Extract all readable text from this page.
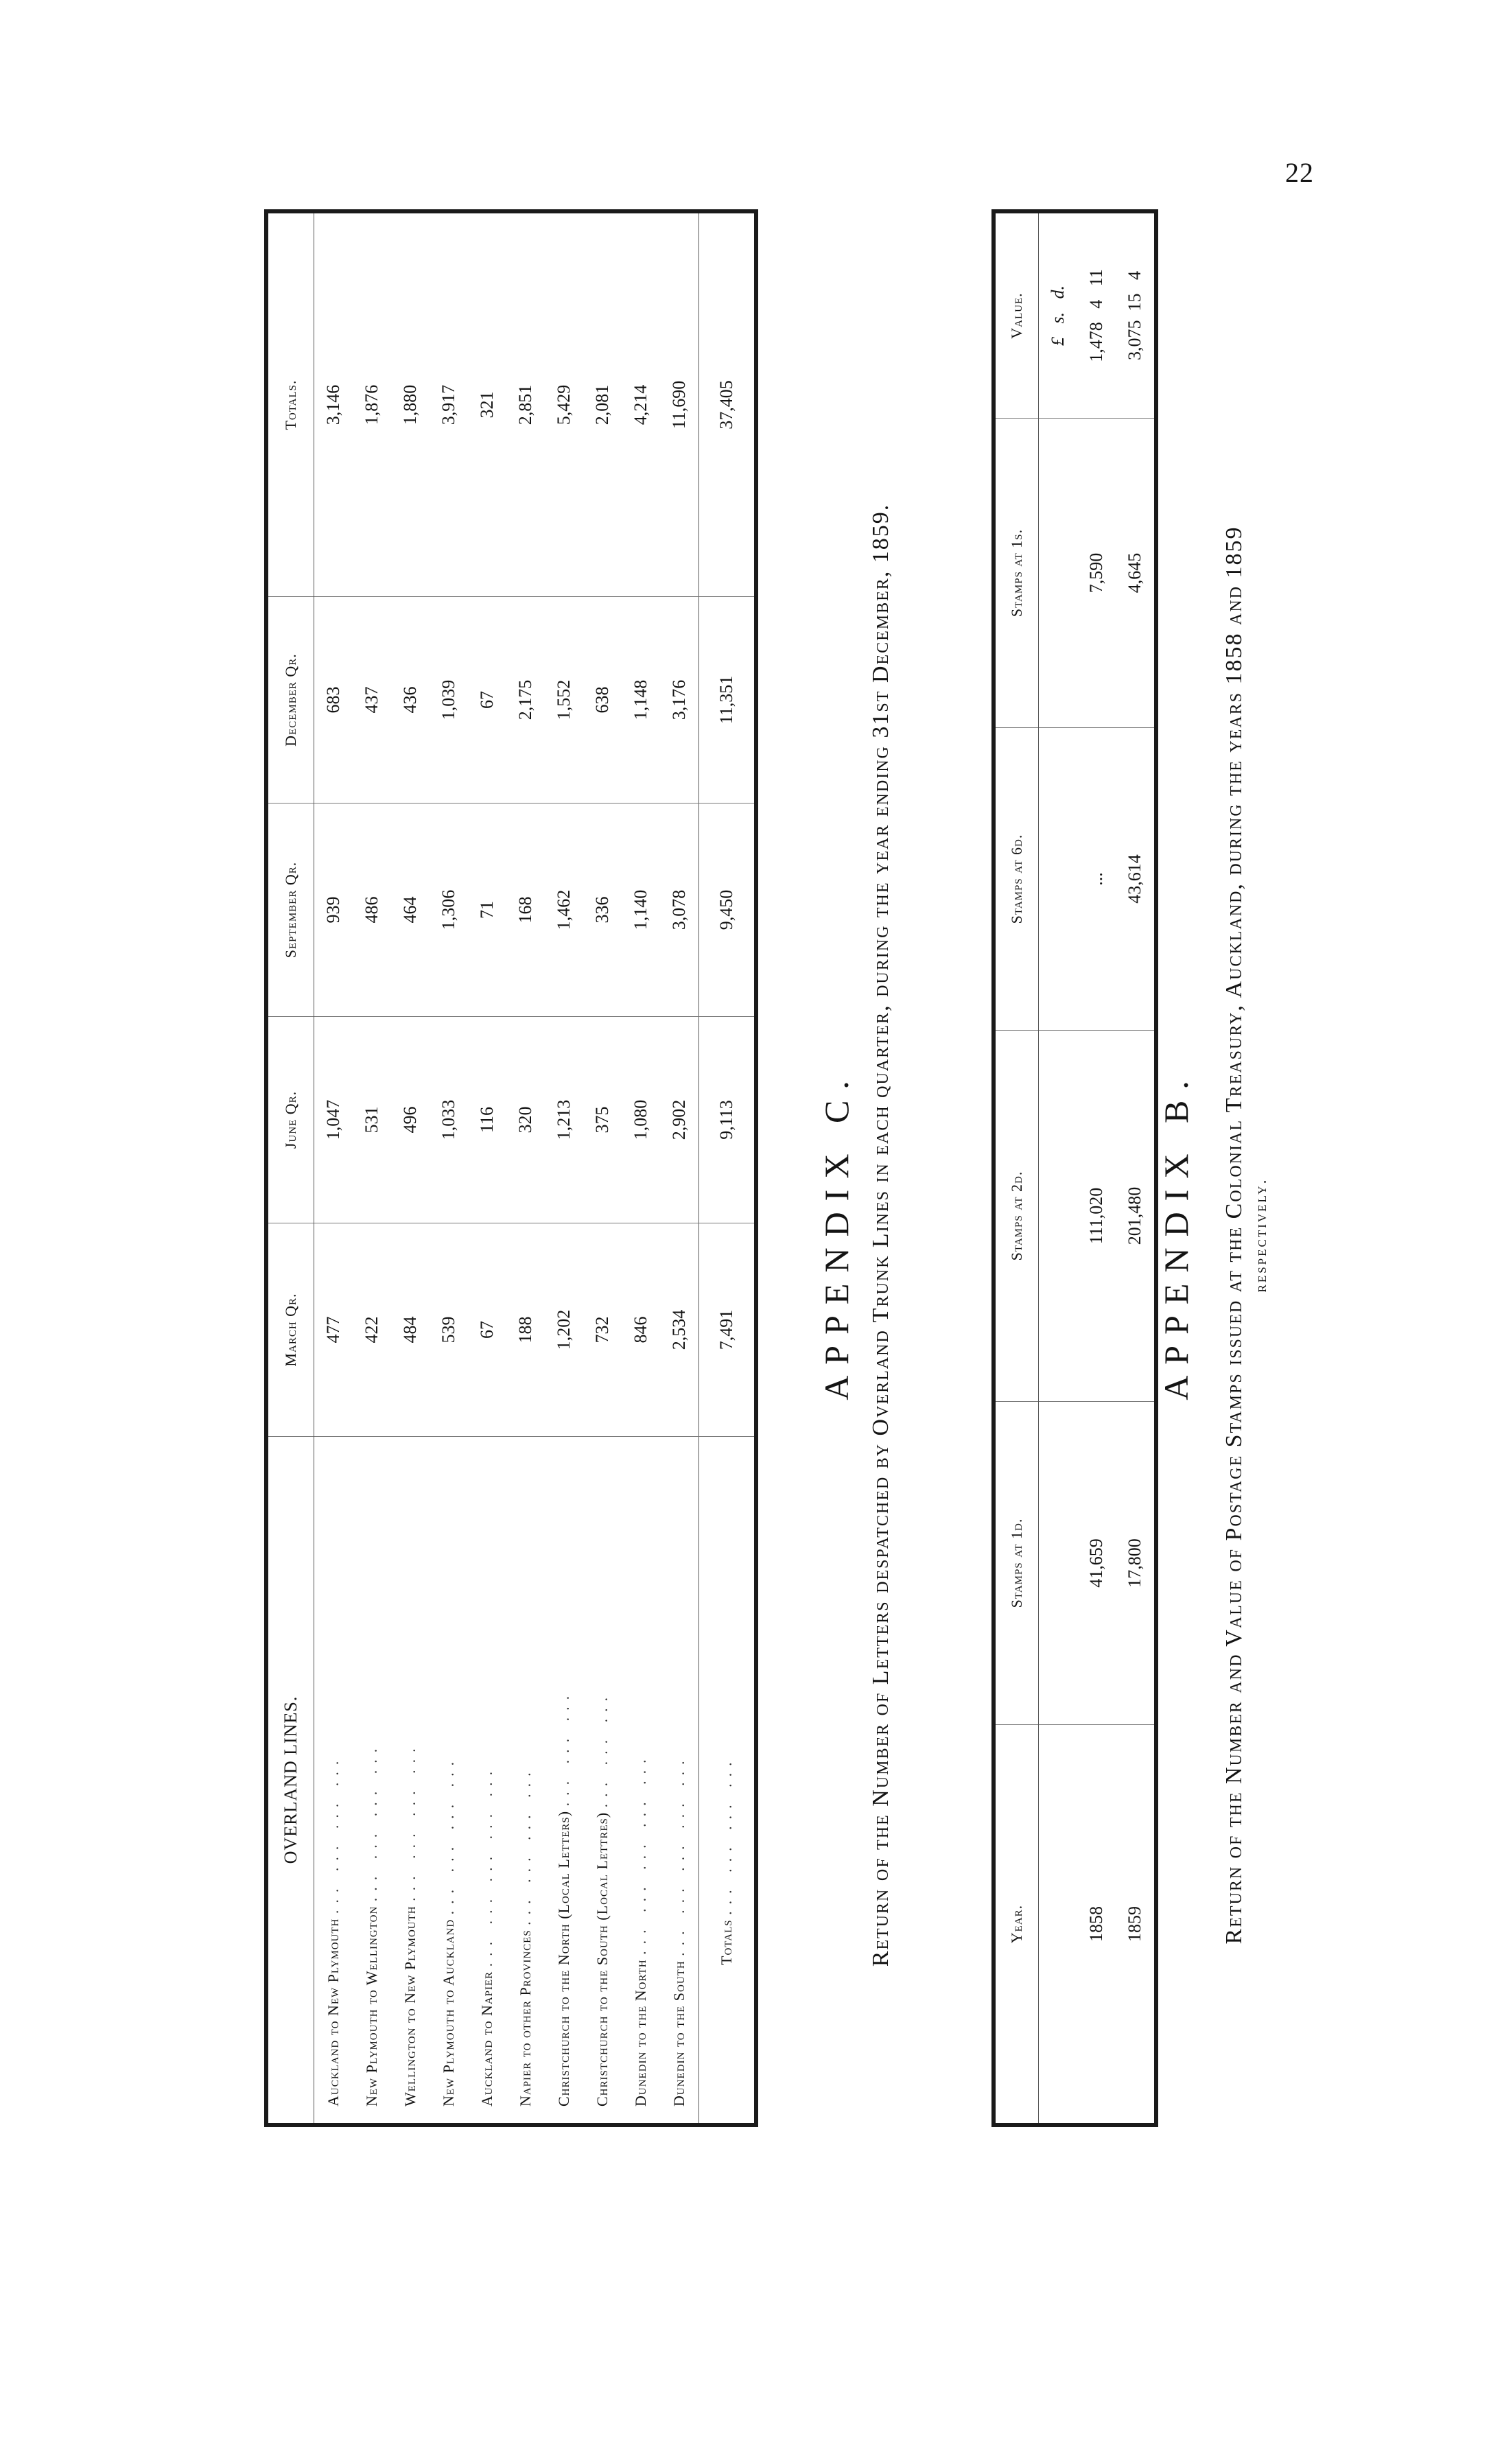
22
APPENDIX B. Return of the Number and Value of Postage Stamps issued at the Colonial Treasury, Auckland, during the years 1858 and 1859 respectively.
Year.	Stamps at 1d.	Stamps at 2d.	Stamps at 6d.	Stamps at 1s.	Value.
					£   s.   d.
1858	41,659	111,020	...	7,590	1,478   4   11
1859	17,800	201,480	43,614	4,645	3,075  15   4
APPENDIX C. Return of the Number of Letters despatched by Overland Trunk Lines in each quarter, during the year ending 31st December, 1859.
OVERLAND LINES.	March Qr.	June Qr.	September Qr.	December Qr.	Totals.
Auckland to New Plymouth ... ... ... ...	477	1,047	939	683	3,146
New Plymouth to Wellington ... ... ... ...	422	531	486	437	1,876
Wellington to New Plymouth ... ... ... ...	484	496	464	436	1,880
New Plymouth to Auckland ... ... ... ...	539	1,033	1,306	1,039	3,917
Auckland to Napier ... ... ... ... ...	67	116	71	67	321
Napier to other Provinces ... ... ... ...	188	320	168	2,175	2,851
Christchurch to the North (Local Letters) ... ... ...	1,202	1,213	1,462	1,552	5,429
Christchurch to the South (Local Lettres) ... ... ...	732	375	336	638	2,081
Dunedin to the North ... ... ... ... ...	846	1,080	1,140	1,148	4,214
Dunedin to the South ... ... ... ... ...	2,534	2,902	3,078	3,176	11,690
Totals ... ... ... ...	7,491	9,113	9,450	11,351	37,405
